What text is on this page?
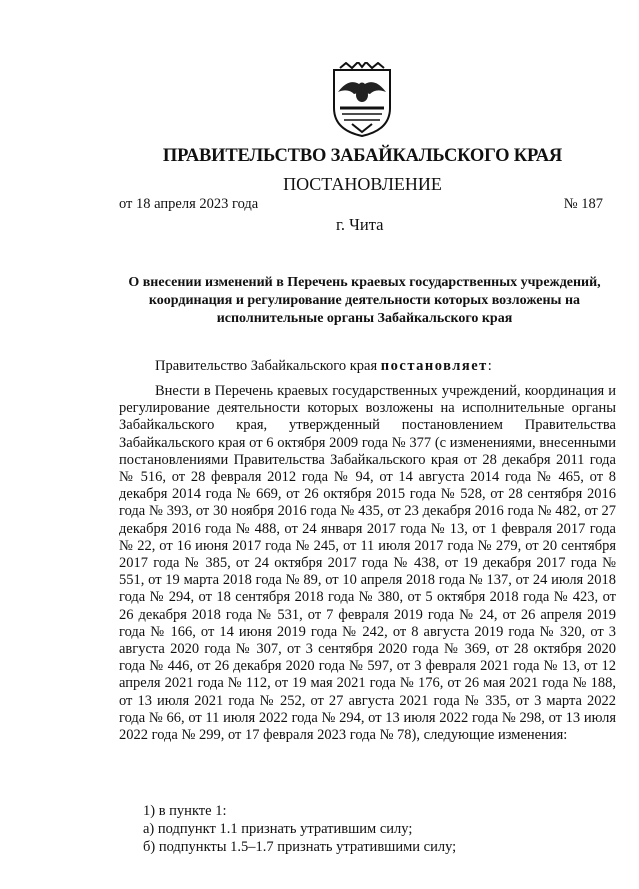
ПРАВИТЕЛЬСТВО ЗАБАЙКАЛЬСКОГО КРАЯ
ПОСТАНОВЛЕНИЕ
от 18 апреля 2023 года	№ 187
г. Чита
О внесении изменений в Перечень краевых государственных учреждений, координация и регулирование деятельности которых возложены на исполнительные органы Забайкальского края
Правительство Забайкальского края постановляет:

Внести в Перечень краевых государственных учреждений, координация и регулирование деятельности которых возложены на исполнительные органы Забайкальского края, утвержденный постановлением Правительства Забайкальского края от 6 октября 2009 года № 377 (с изменениями, внесенными постановлениями Правительства Забайкальского края от 28 декабря 2011 года № 516, от 28 февраля 2012 года № 94, от 14 августа 2014 года № 465, от 8 декабря 2014 года № 669, от 26 октября 2015 года № 528, от 28 сентября 2016 года № 393, от 30 ноября 2016 года № 435, от 23 декабря 2016 года № 482, от 27 декабря 2016 года № 488, от 24 января 2017 года № 13, от 1 февраля 2017 года № 22, от 16 июня 2017 года № 245, от 11 июля 2017 года № 279, от 20 сентября 2017 года № 385, от 24 октября 2017 года № 438, от 19 декабря 2017 года № 551, от 19 марта 2018 года № 89, от 10 апреля 2018 года № 137, от 24 июля 2018 года № 294, от 18 сентября 2018 года № 380, от 5 октября 2018 года № 423, от 26 декабря 2018 года № 531, от 7 февраля 2019 года № 24, от 26 апреля 2019 года № 166, от 14 июня 2019 года № 242, от 8 августа 2019 года № 320, от 3 августа 2020 года № 307, от 3 сентября 2020 года № 369, от 28 октября 2020 года № 446, от 26 декабря 2020 года № 597, от 3 февраля 2021 года № 13, от 12 апреля 2021 года № 112, от 19 мая 2021 года № 176, от 26 мая 2021 года № 188, от 13 июля 2021 года № 252, от 27 августа 2021 года № 335, от 3 марта 2022 года № 66, от 11 июля 2022 года № 294, от 13 июля 2022 года № 298, от 13 июля 2022 года № 299, от 17 февраля 2023 года № 78), следующие изменения:

1) в пункте 1:
а) подпункт 1.1 признать утратившим силу;
б) подпункты 1.5–1.7 признать утратившими силу;
